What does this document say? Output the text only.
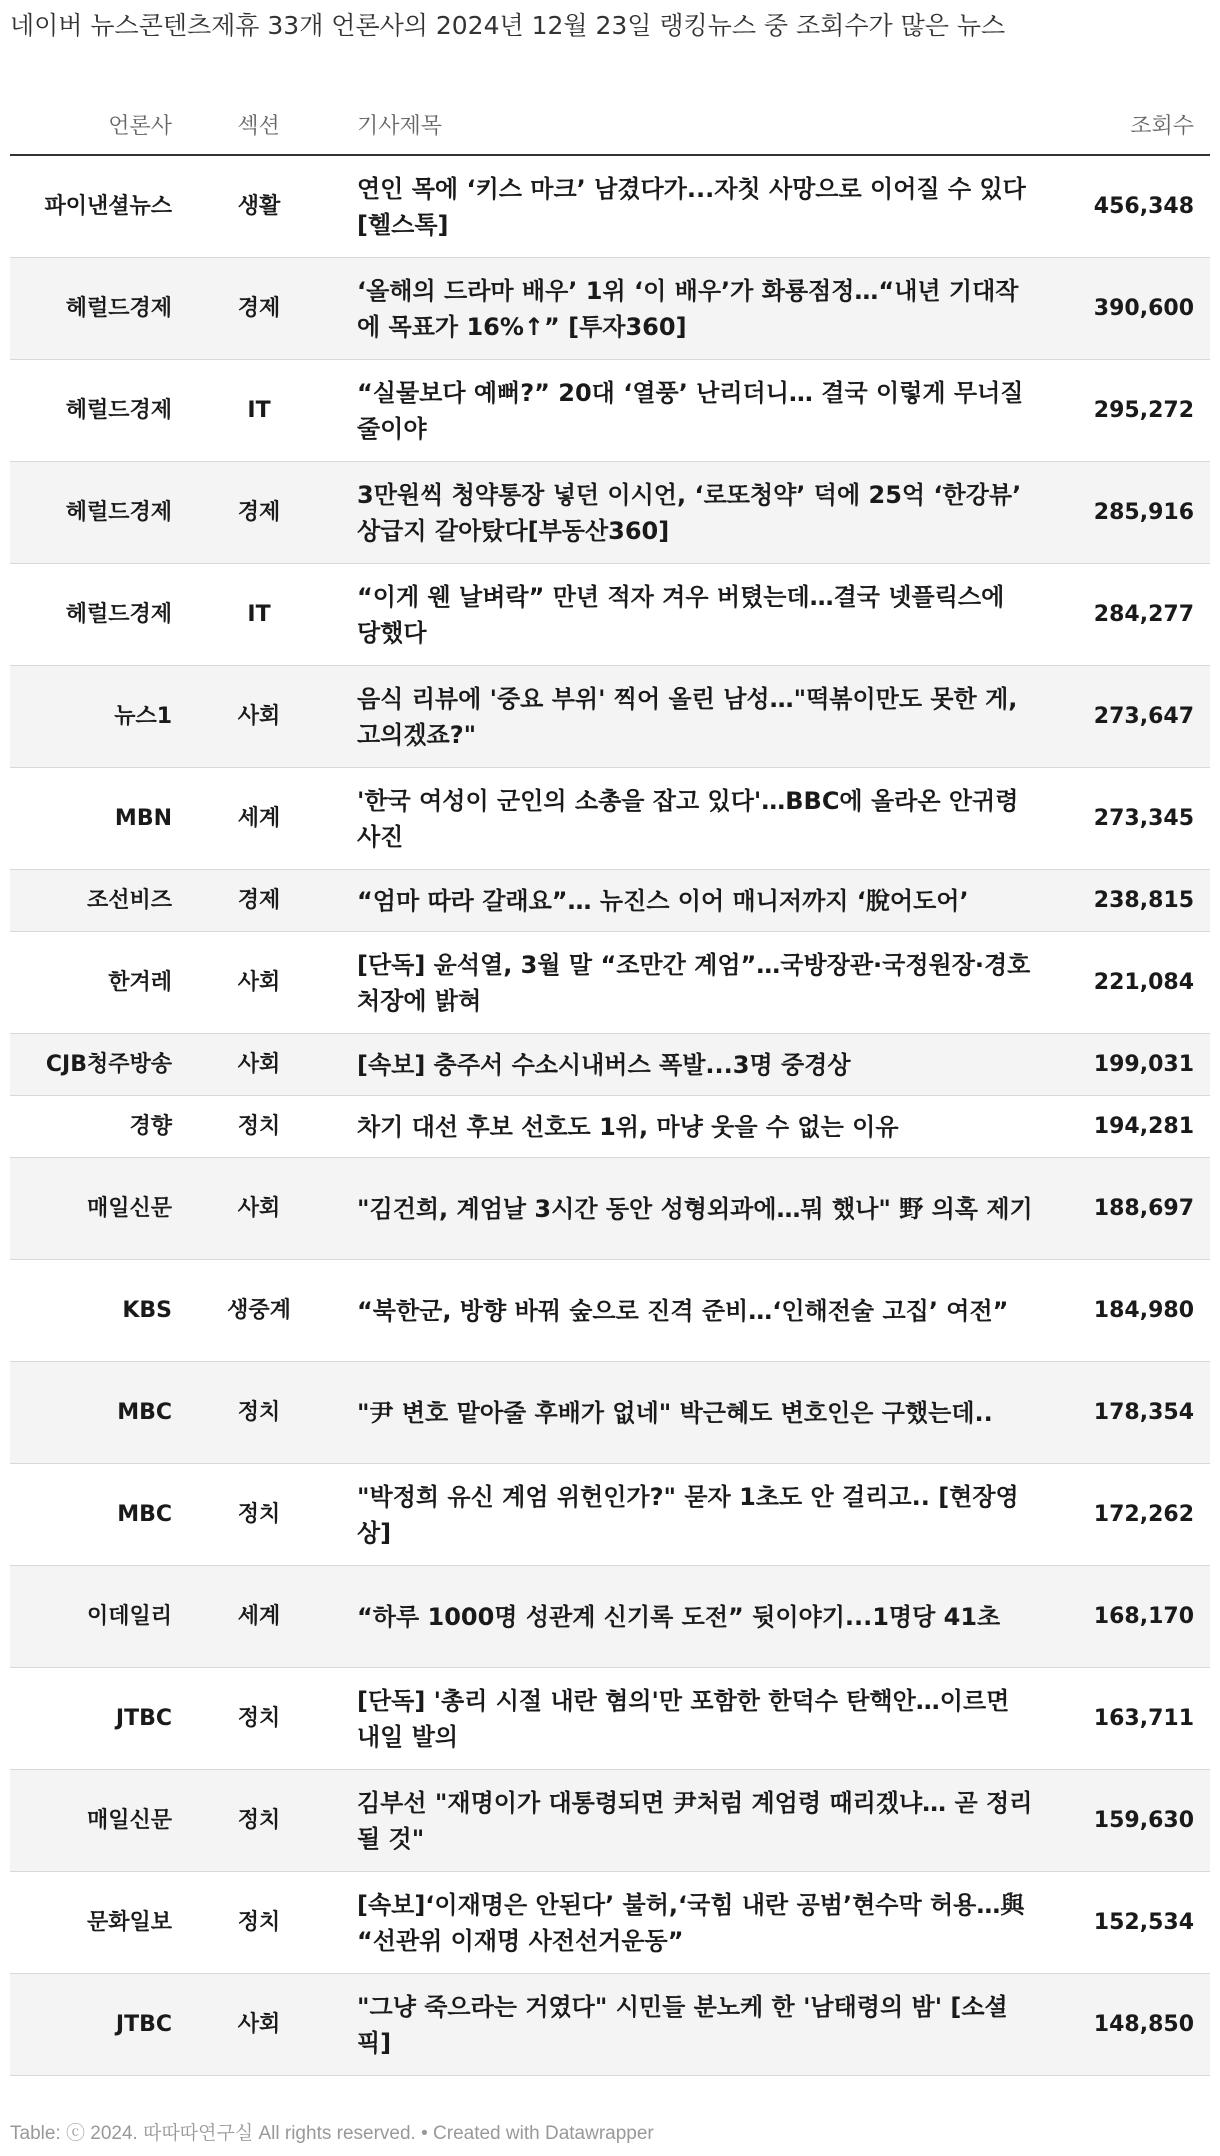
네이버 뉴스콘텐츠제휴 33개 언론사의 2024년 12월 23일 랭킹뉴스 중 조회수가 많은 뉴스
언론사	섹션	기사제목	조회수
파이낸셜뉴스	생활	연인 목에 ‘키스 마크’ 남겼다가...자칫 사망으로 이어질 수 있다 [헬스톡]	456,348
헤럴드경제	경제	‘올해의 드라마 배우’ 1위 ‘이 배우’가 화룡점정…“내년 기대작에 목표가 16%↑” [투자360]	390,600
헤럴드경제	IT	“실물보다 예뻐?” 20대 ‘열풍’ 난리더니… 결국 이렇게 무너질 줄이야	295,272
헤럴드경제	경제	3만원씩 청약통장 넣던 이시언, ‘로또청약’ 덕에 25억 ‘한강뷰’ 상급지 갈아탔다[부동산360]	285,916
헤럴드경제	IT	“이게 웬 날벼락” 만년 적자 겨우 버텼는데…결국 넷플릭스에 당했다	284,277
뉴스1	사회	음식 리뷰에 '중요 부위' 찍어 올린 남성…"떡볶이만도 못한 게, 고의겠죠?"	273,647
MBN	세계	'한국 여성이 군인의 소총을 잡고 있다'…BBC에 올라온 안귀령 사진	273,345
조선비즈	경제	“엄마 따라 갈래요”… 뉴진스 이어 매니저까지 ‘脫어도어’	238,815
한겨레	사회	[단독] 윤석열, 3월 말 “조만간 계엄”…국방장관·국정원장·경호처장에 밝혀	221,084
CJB청주방송	사회	[속보] 충주서 수소시내버스 폭발...3명 중경상	199,031
경향	정치	차기 대선 후보 선호도 1위, 마냥 웃을 수 없는 이유	194,281
매일신문	사회	"김건희, 계엄날 3시간 동안 성형외과에…뭐 했나" 野 의혹 제기	188,697
KBS	생중계	“북한군, 방향 바꿔 숲으로 진격 준비…‘인해전술 고집’ 여전”	184,980
MBC	정치	"尹 변호 맡아줄 후배가 없네" 박근혜도 변호인은 구했는데..	178,354
MBC	정치	"박정희 유신 계엄 위헌인가?" 묻자 1초도 안 걸리고.. [현장영상]	172,262
이데일리	세계	“하루 1000명 성관계 신기록 도전” 뒷이야기...1명당 41초	168,170
JTBC	정치	[단독] '총리 시절 내란 혐의'만 포함한 한덕수 탄핵안…이르면 내일 발의	163,711
매일신문	정치	김부선 "재명이가 대통령되면 尹처럼 계엄령 때리겠냐… 곧 정리될 것"	159,630
문화일보	정치	[속보]‘이재명은 안된다’ 불허,‘국힘 내란 공범’현수막 허용…與 “선관위 이재명 사전선거운동”	152,534
JTBC	사회	"그냥 죽으라는 거였다" 시민들 분노케 한 '남태령의 밤' [소셜픽]	148,850
Table: ⓒ 2024. 따따따연구실 All rights reserved. • Created with Datawrapper
